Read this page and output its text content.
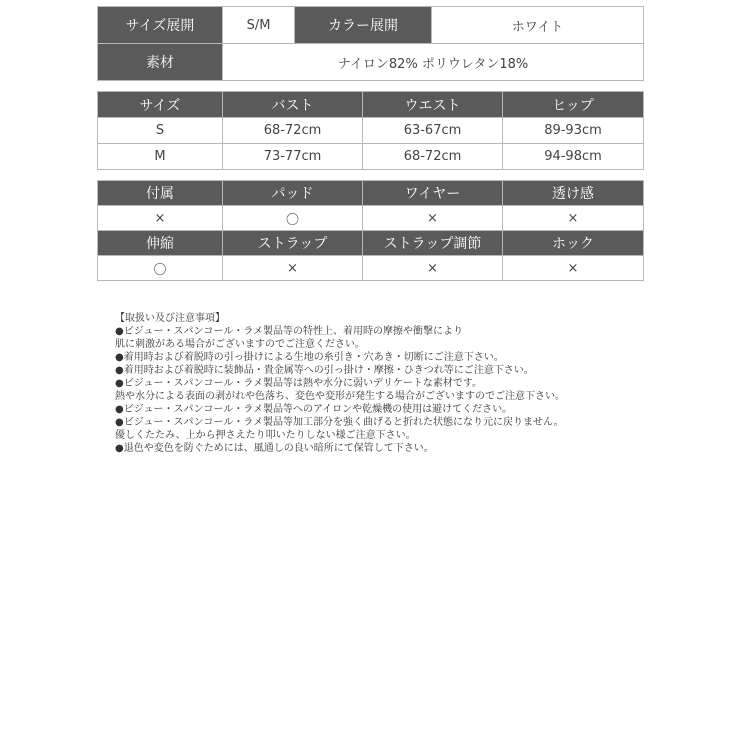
サイズ展開	S/M	カラー展開	ホワイト
素材	ナイロン82% ポリウレタン18%		
サイズ	バスト	ウエスト	ヒップ
S	68-72cm	63-67cm	89-93cm
M	73-77cm	68-72cm	94-98cm
付属	パッド	ワイヤー	透け感
×	〇	×	×
伸縮	ストラップ	ストラップ調節	ホック
〇	×	×	×
【取扱い及び注意事項】
●ビジュー・スパンコール・ラメ製品等の特性上、着用時の摩擦や衝撃により
肌に刺激がある場合がございますのでご注意ください。
●着用時および着脱時の引っ掛けによる生地の糸引き・穴あき・切断にご注意下さい。
●着用時および着脱時に装飾品・貴金属等への引っ掛け・摩擦・ひきつれ等にご注意下さい。
●ビジュー・スパンコール・ラメ製品等は熱や水分に弱いデリケートな素材です。
熱や水分による表面の剥がれや色落ち、変色や変形が発生する場合がございますのでご注意下さい。
●ビジュー・スパンコール・ラメ製品等へのアイロンや乾燥機の使用は避けてください。
●ビジュー・スパンコール・ラメ製品等加工部分を強く曲げると折れた状態になり元に戻りません。
優しくたたみ、上から押さえたり叩いたりしない様ご注意下さい。
●退色や変色を防ぐためには、風通しの良い暗所にて保管して下さい。
